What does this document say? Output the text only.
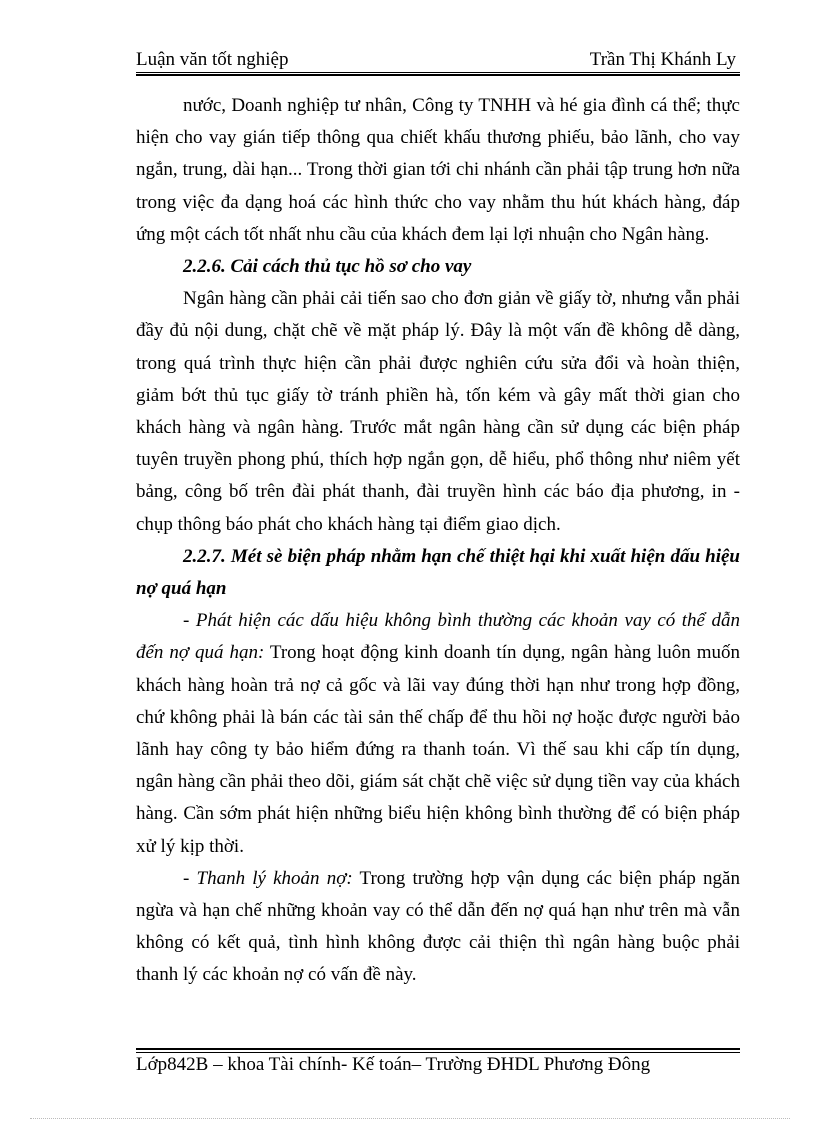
Luận văn tốt nghiệp	Trần Thị Khánh Ly

nước, Doanh nghiệp tư nhân, Công ty TNHH và hé gia đình cá thể; thực hiện cho vay gián tiếp thông qua chiết khấu thương phiếu, bảo lãnh, cho vay ngắn, trung, dài hạn... Trong thời gian tới chi nhánh cần phải tập trung hơn nữa trong việc đa dạng hoá các hình thức cho vay nhằm thu hút khách hàng, đáp ứng một cách tốt nhất nhu cầu của khách đem lại lợi nhuận cho Ngân hàng.

2.2.6. Cải cách thủ tục hồ sơ cho vay

Ngân hàng cần phải cải tiến sao cho đơn giản về giấy tờ, nhưng vẫn phải đầy đủ nội dung, chặt chẽ về mặt pháp lý. Đây là một vấn đề không dễ dàng, trong quá trình thực hiện cần phải được nghiên cứu sửa đổi và hoàn thiện, giảm bớt thủ tục giấy tờ tránh phiền hà, tốn kém và gây mất thời gian cho khách hàng và ngân hàng. Trước mắt ngân hàng cần sử dụng các biện pháp tuyên truyền phong phú, thích hợp ngắn gọn, dễ hiểu, phổ thông như niêm yết bảng, công bố trên đài phát thanh, đài truyền hình các báo địa phương, in - chụp thông báo phát cho khách hàng tại điểm giao dịch.

2.2.7. Mét sè biện pháp nhằm hạn chế thiệt hại khi xuất hiện dấu hiệu nợ quá hạn

- Phát hiện các dấu hiệu không bình thường các khoản vay có thể dẫn đến nợ quá hạn: Trong hoạt động kinh doanh tín dụng, ngân hàng luôn muốn khách hàng hoàn trả nợ cả gốc và lãi vay đúng thời hạn như trong hợp đồng, chứ không phải là bán các tài sản thế chấp để thu hồi nợ hoặc được người bảo lãnh hay công ty bảo hiểm đứng ra thanh toán. Vì thế sau khi cấp tín dụng, ngân hàng cần phải theo dõi, giám sát chặt chẽ việc sử dụng tiền vay của khách hàng. Cần sớm phát hiện những biểu hiện không bình thường để có biện pháp xử lý kịp thời.

- Thanh lý khoản nợ: Trong trường hợp vận dụng các biện pháp ngăn ngừa và hạn chế những khoản vay có thể dẫn đến nợ quá hạn như trên mà vẫn không có kết quả, tình hình không được cải thiện thì ngân hàng buộc phải thanh lý các khoản nợ có vấn đề này.

Lớp842B – khoa Tài chính- Kế toán– Trường ĐHDL Phương Đông
